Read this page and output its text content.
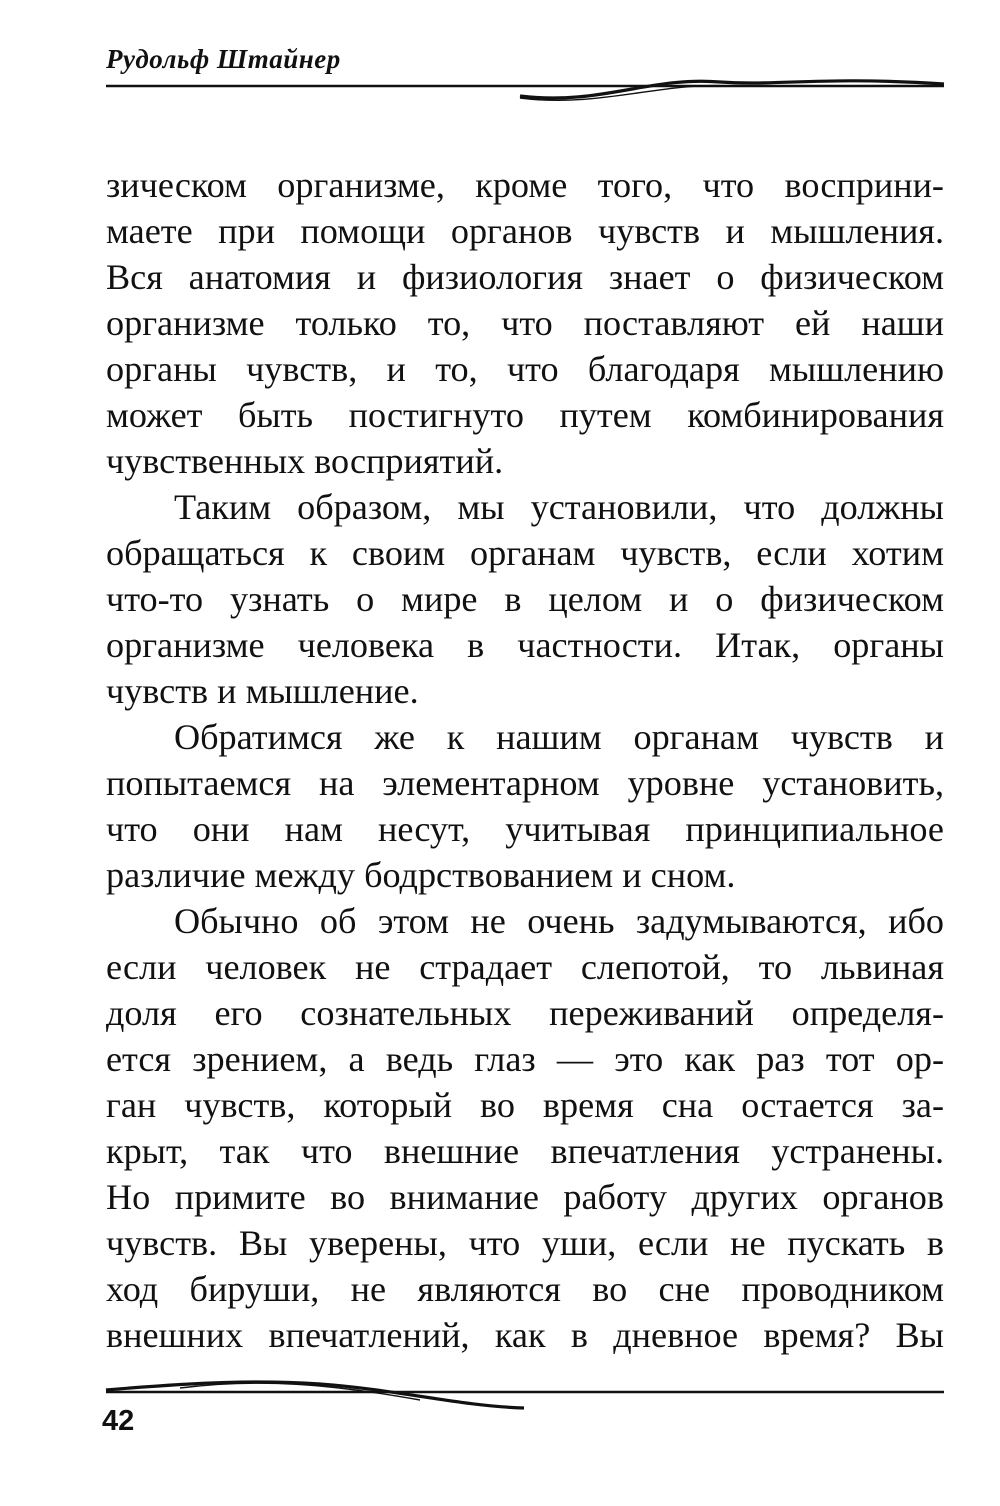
Рудольф Штайнер
зическом организме, кроме того, что восприни-
маете при помощи органов чувств и мышления.
Вся анатомия и физиология знает о физическом
организме только то, что поставляют ей наши
органы чувств, и то, что благодаря мышлению
может быть постигнуто путем комбинирования
чувственных восприятий.
Таким образом, мы установили, что должны
обращаться к своим органам чувств, если хотим
что-то узнать о мире в целом и о физическом
организме человека в частности. Итак, органы
чувств и мышление.
Обратимся же к нашим органам чувств и
попытаемся на элементарном уровне установить,
что они нам несут, учитывая принципиальное
различие между бодрствованием и сном.
Обычно об этом не очень задумываются, ибо
если человек не страдает слепотой, то львиная
доля его сознательных переживаний определя-
ется зрением, а ведь глаз — это как раз тот ор-
ган чувств, который во время сна остается за-
крыт, так что внешние впечатления устранены.
Но примите во внимание работу других органов
чувств. Вы уверены, что уши, если не пускать в
ход бируши, не являются во сне проводником
внешних впечатлений, как в дневное время? Вы
42
